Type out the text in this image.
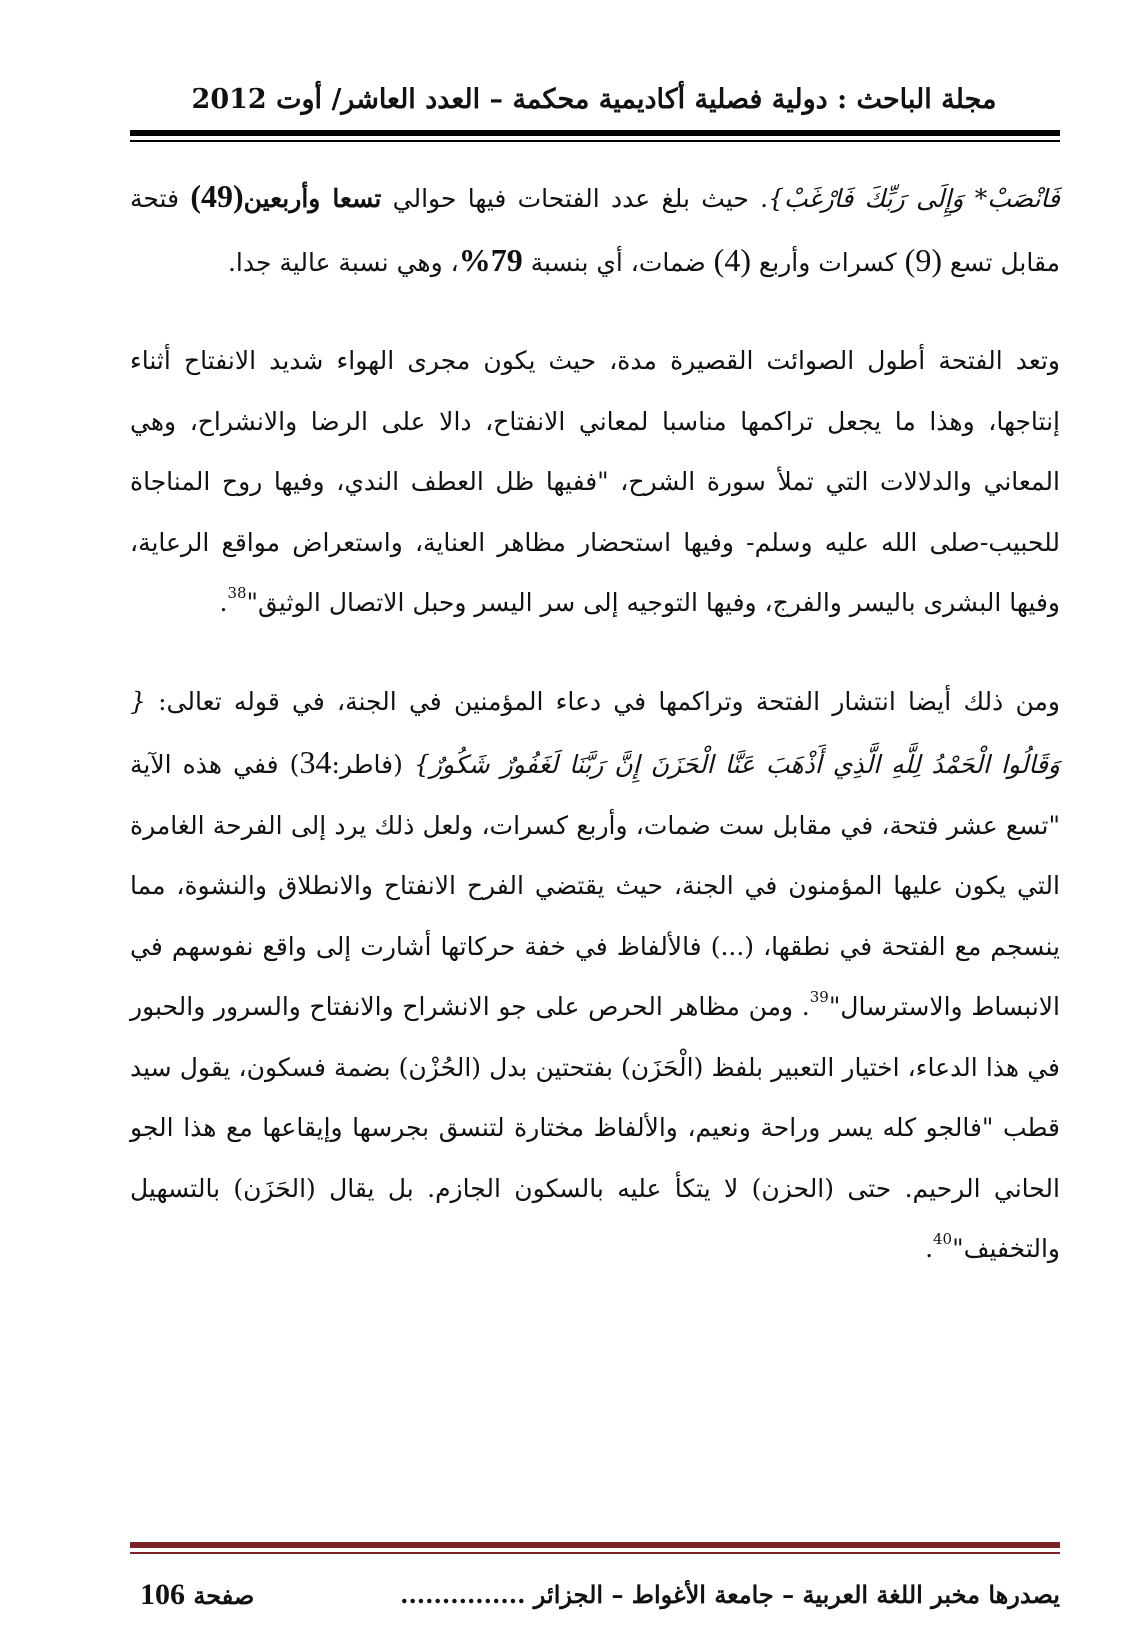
مجلة الباحث : دولية فصلية أكاديمية محكمة – العدد العاشر/ أوت 2012

فَانْصَبْ* وَإِلَى رَبِّكَ فَارْغَبْ}. حيث بلغ عدد الفتحات فيها حوالي تسعا وأربعين(49) فتحة مقابل تسع (9) كسرات وأربع (4) ضمات، أي بنسبة 79%، وهي نسبة عالية جدا.

وتعد الفتحة أطول الصوائت القصيرة مدة، حيث يكون مجرى الهواء شديد الانفتاح أثناء إنتاجها، وهذا ما يجعل تراكمها مناسبا لمعاني الانفتاح، دالا على الرضا والانشراح، وهي المعاني والدلالات التي تملأ سورة الشرح، "ففيها ظل العطف الندي، وفيها روح المناجاة للحبيب-صلى الله عليه وسلم- وفيها استحضار مظاهر العناية، واستعراض مواقع الرعاية، وفيها البشرى باليسر والفرج، وفيها التوجيه إلى سر اليسر وحبل الاتصال الوثيق"$^{38}$.

ومن ذلك أيضا انتشار الفتحة وتراكمها في دعاء المؤمنين في الجنة، في قوله تعالى: { وَقَالُوا الْحَمْدُ لِلَّهِ الَّذِي أَذْهَبَ عَنَّا الْحَزَنَ إِنَّ رَبَّنَا لَغَفُورٌ شَكُورٌ} (فاطر:34) ففي هذه الآية "تسع عشر فتحة، في مقابل ست ضمات، وأربع كسرات، ولعل ذلك يرد إلى الفرحة الغامرة التي يكون عليها المؤمنون في الجنة، حيث يقتضي الفرح الانفتاح والانطلاق والنشوة، مما ينسجم مع الفتحة في نطقها، (...) فالألفاظ في خفة حركاتها أشارت إلى واقع نفوسهم في الانبساط والاسترسال"$^{39}$. ومن مظاهر الحرص على جو الانشراح والانفتاح والسرور والحبور في هذا الدعاء، اختيار التعبير بلفظ (الْحَزَن) بفتحتين بدل (الحُزْن) بضمة فسكون، يقول سيد قطب "فالجو كله يسر وراحة ونعيم، والألفاظ مختارة لتنسق بجرسها وإيقاعها مع هذا الجو الحاني الرحيم. حتى (الحزن) لا يتكأ عليه بالسكون الجازم. بل يقال (الحَزَن) بالتسهيل والتخفيف"$^{40}$.

يصدرها مخبر اللغة العربية – جامعة الأغواط – الجزائر ...............
صفحة 106
